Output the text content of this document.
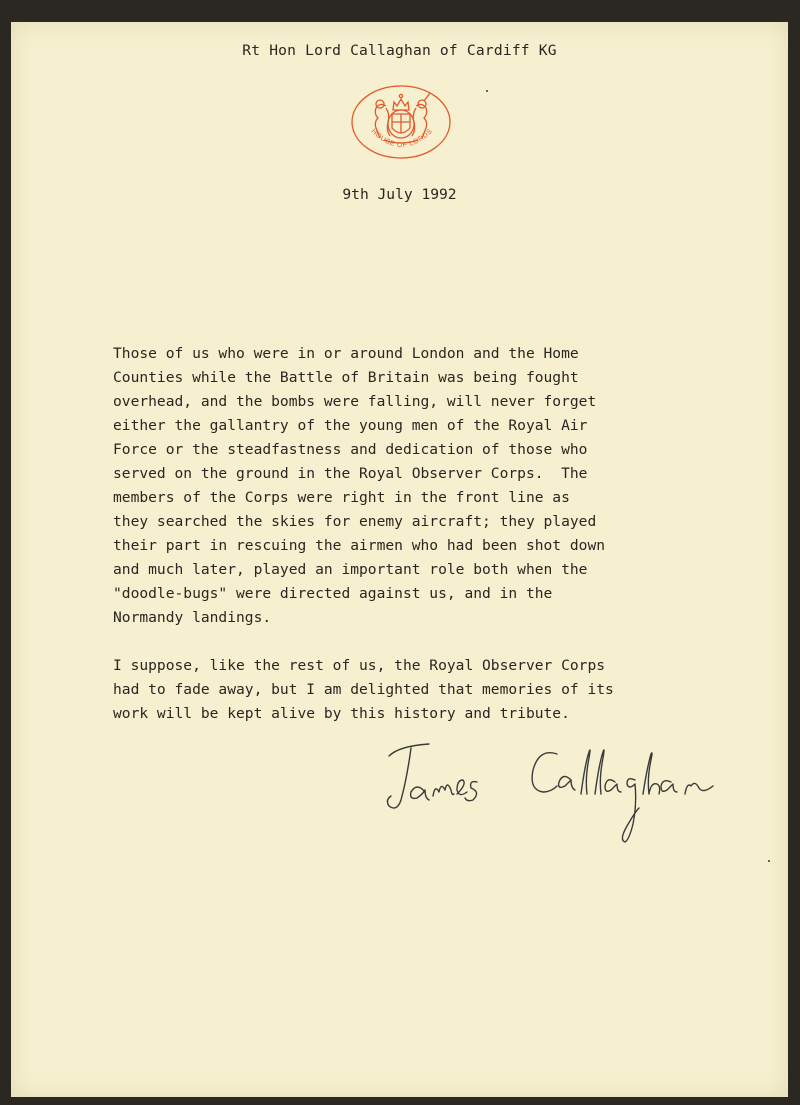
Rt Hon Lord Callaghan of Cardiff KG
HOUSE OF LORDS
9th July 1992
Those of us who were in or around London and the Home
Counties while the Battle of Britain was being fought
overhead, and the bombs were falling, will never forget
either the gallantry of the young men of the Royal Air
Force or the steadfastness and dedication of those who
served on the ground in the Royal Observer Corps.  The
members of the Corps were right in the front line as
they searched the skies for enemy aircraft; they played
their part in rescuing the airmen who had been shot down
and much later, played an important role both when the
"doodle-bugs" were directed against us, and in the
Normandy landings.
I suppose, like the rest of us, the Royal Observer Corps
had to fade away, but I am delighted that memories of its
work will be kept alive by this history and tribute.
